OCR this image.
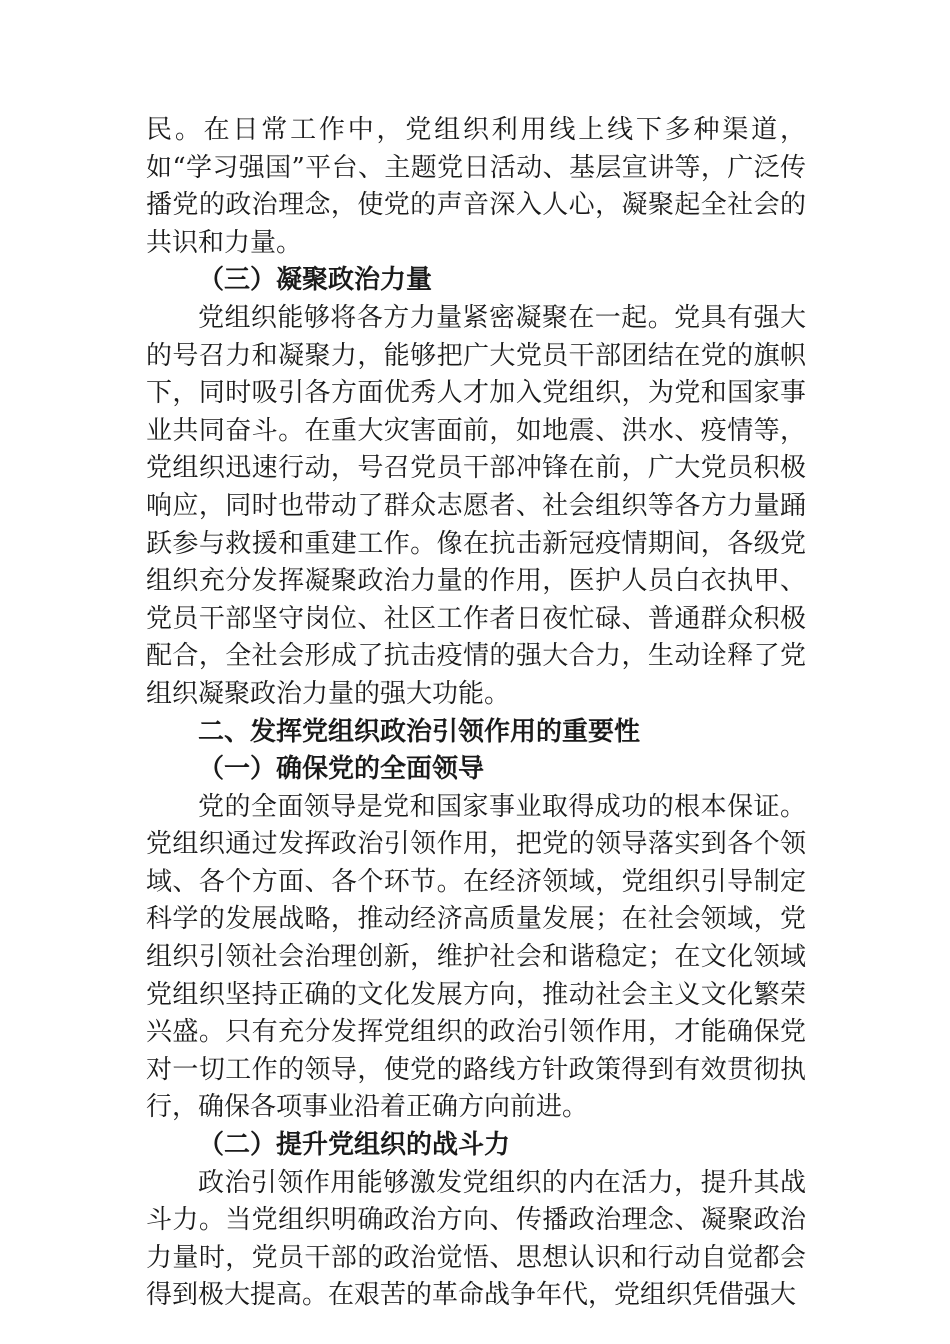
民。在日常工作中，党组织利用线上线下多种渠道，如“学习强国”平台、主题党日活动、基层宣讲等，广泛传播党的政治理念，使党的声音深入人心，凝聚起全社会的共识和力量。

（三）凝聚政治力量

党组织能够将各方力量紧密凝聚在一起。党具有强大的号召力和凝聚力，能够把广大党员干部团结在党的旗帜下，同时吸引各方面优秀人才加入党组织，为党和国家事业共同奋斗。在重大灾害面前，如地震、洪水、疫情等，党组织迅速行动，号召党员干部冲锋在前，广大党员积极响应，同时也带动了群众志愿者、社会组织等各方力量踊跃参与救援和重建工作。像在抗击新冠疫情期间，各级党组织充分发挥凝聚政治力量的作用，医护人员白衣执甲、党员干部坚守岗位、社区工作者日夜忙碌、普通群众积极配合，全社会形成了抗击疫情的强大合力，生动诠释了党组织凝聚政治力量的强大功能。

二、发挥党组织政治引领作用的重要性

（一）确保党的全面领导

党的全面领导是党和国家事业取得成功的根本保证。党组织通过发挥政治引领作用，把党的领导落实到各个领域、各个方面、各个环节。在经济领域，党组织引导制定科学的发展战略，推动经济高质量发展；在社会领域，党组织引领社会治理创新，维护社会和谐稳定；在文化领域党组织坚持正确的文化发展方向，推动社会主义文化繁荣兴盛。只有充分发挥党组织的政治引领作用，才能确保党对一切工作的领导，使党的路线方针政策得到有效贯彻执行，确保各项事业沿着正确方向前进。

（二）提升党组织的战斗力

政治引领作用能够激发党组织的内在活力，提升其战斗力。当党组织明确政治方向、传播政治理念、凝聚政治力量时，党员干部的政治觉悟、思想认识和行动自觉都会得到极大提高。在艰苦的革命战争年代，党组织凭借强大
